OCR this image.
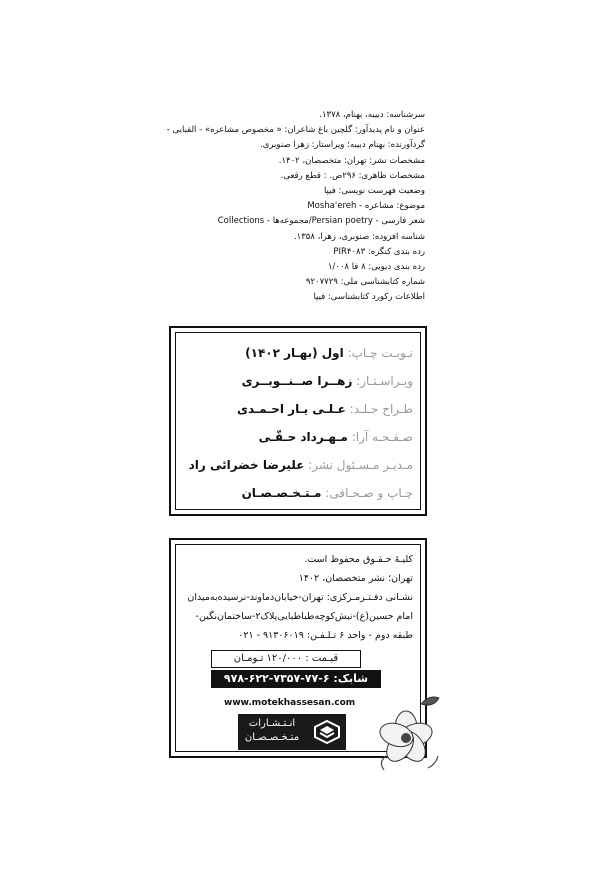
سرشناسه: دبیبه، بهنام، ۱۳۷۸.
عنوان و نام پدیدآور: گلچین باغ شاعران: « مخصوص مشاعره» - الفبایی -
گردآورنده: بهنام دبیبه؛ ویراستار: زهرا صنوبری.
مشخصات نشر: تهران: متخصصان، ۱۴۰۲.
مشخصات ظاهری: ۲۹۶ص. : قطع رقعی.
وضعیت فهرست نویسی: فیپا
موضوع: مشاعره - Mosha'ereh
شعر فارسی - Persian poetry/مجموعه‌ها - Collections
شناسه افزوده: صنوبری، زهرا، ۱۳۵۸.
رده بندی کنگره: PIR۴۰۸۳
رده بندی دیویی: ۸ فا ۱/۰۰۸
شماره کتابشناسی ملی: ۹۲۰۷۷۲۹
اطلاعات رکورد کتابشناسی: فیپا
نـوبـت چـاپ: اول (بهـار ۱۴۰۲)
ویـراسـتـار: زهــرا صــنــوبــری
طـراح جـلـد: عـلـی یـار احـمـدی
صـفـحـه آرا: مـهـرداد حـقّـی
مـدیـر مـسـئول نشر: علیرضا خضرائی راد
چـاپ و صـحـافی: مـتـخـصـصـان
کلیـهٔ حـقـوق محفوظ است.
تهران؛ نشر متخصصان، ۱۴۰۲
نشـانی دفـتـرمـرکزی: تهران-خیابان‌دماوند-نرسیده‌به‌میدان
امام حسین(ع)-نبش‌کوچه‌طباطبایی‌پلاک۲-ساختمان‌نگین-
طبقه دوم - واحد ۶ تـلـفـن: ۹۱۳۰۶۰۱۹ - ۰۲۱
قیـمت : ۱۲۰/۰۰۰ تـومـان
شابک: ۶-۷۷-۷۳۵۷-۶۲۲-۹۷۸
www.motekhassesan.com
انـتـشـارات
متـخـصـصـان
